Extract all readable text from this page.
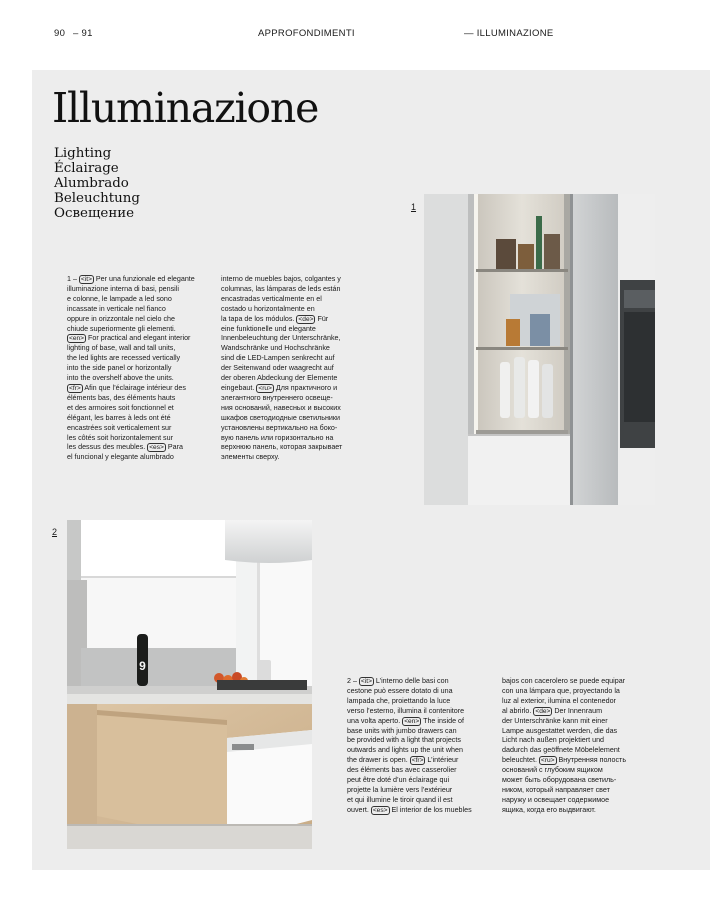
90 – 91	APPROFONDIMENTI	— ILLUMINAZIONE
Illuminazione
Lighting
Éclairage
Alumbrado
Beleuchtung
Освещение
1 – <it> Per una funzionale ed elegante
illuminazione interna di basi, pensili
e colonne, le lampade a led sono
incassate in verticale nel fianco
oppure in orizzontale nel cielo che
chiude superiormente gli elementi.
<en> For practical and elegant interior
lighting of base, wall and tall units,
the led lights are recessed vertically
into the side panel or horizontally
into the overshelf above the units.
<fr> Afin que l’éclairage intérieur des
éléments bas, des éléments hauts
et des armoires soit fonctionnel et
élégant, les barres à leds ont été
encastrées soit verticalement sur
les côtés soit horizontalement sur
les dessus des meubles. <es> Para
el funcional y elegante alumbrado
interno de muebles bajos, colgantes y
columnas, las lámparas de leds están
encastradas verticalmente en el
costado u horizontalmente en
la tapa de los módulos. <de> Für
eine funktionelle und elegante
Innenbeleuchtung der Unterschränke,
Wandschränke und Hochschränke
sind die LED-Lampen senkrecht auf
der Seitenwand oder waagrecht auf
der oberen Abdeckung der Elemente
eingebaut. <ru> Для практичного и
элегантного внутреннего освеще-
ния оснований, навесных и высоких
шкафов светодиодные светильники
установлены вертикально на боко-
вую панель или горизонтально на
верхнюю панель, которая закрывает
элементы сверху.
1
2
9
2 – <it> L’interno delle basi con
cestone può essere dotato di una
lampada che, proiettando la luce
verso l’esterno, illumina il contenitore
una volta aperto. <en> The inside of
base units with jumbo drawers can
be provided with a light that projects
outwards and lights up the unit when
the drawer is open. <fr> L’intérieur
des éléments bas avec casserolier
peut être doté d’un éclairage qui
projette la lumière vers l’extérieur
et qui illumine le tiroir quand il est
ouvert. <es> El interior de los muebles
bajos con cacerolero se puede equipar
con una lámpara que, proyectando la
luz al exterior, ilumina el contenedor
al abrirlo. <de> Der Innenraum
der Unterschränke kann mit einer
Lampe ausgestattet werden, die das
Licht nach außen projektiert und
dadurch das geöffnete Möbelelement
beleuchtet. <ru> Внутренняя полость
оснований с глубоким ящиком
может быть оборудована светиль-
ником, который направляет свет
наружу и освещает содержимое
ящика, когда его выдвигают.
